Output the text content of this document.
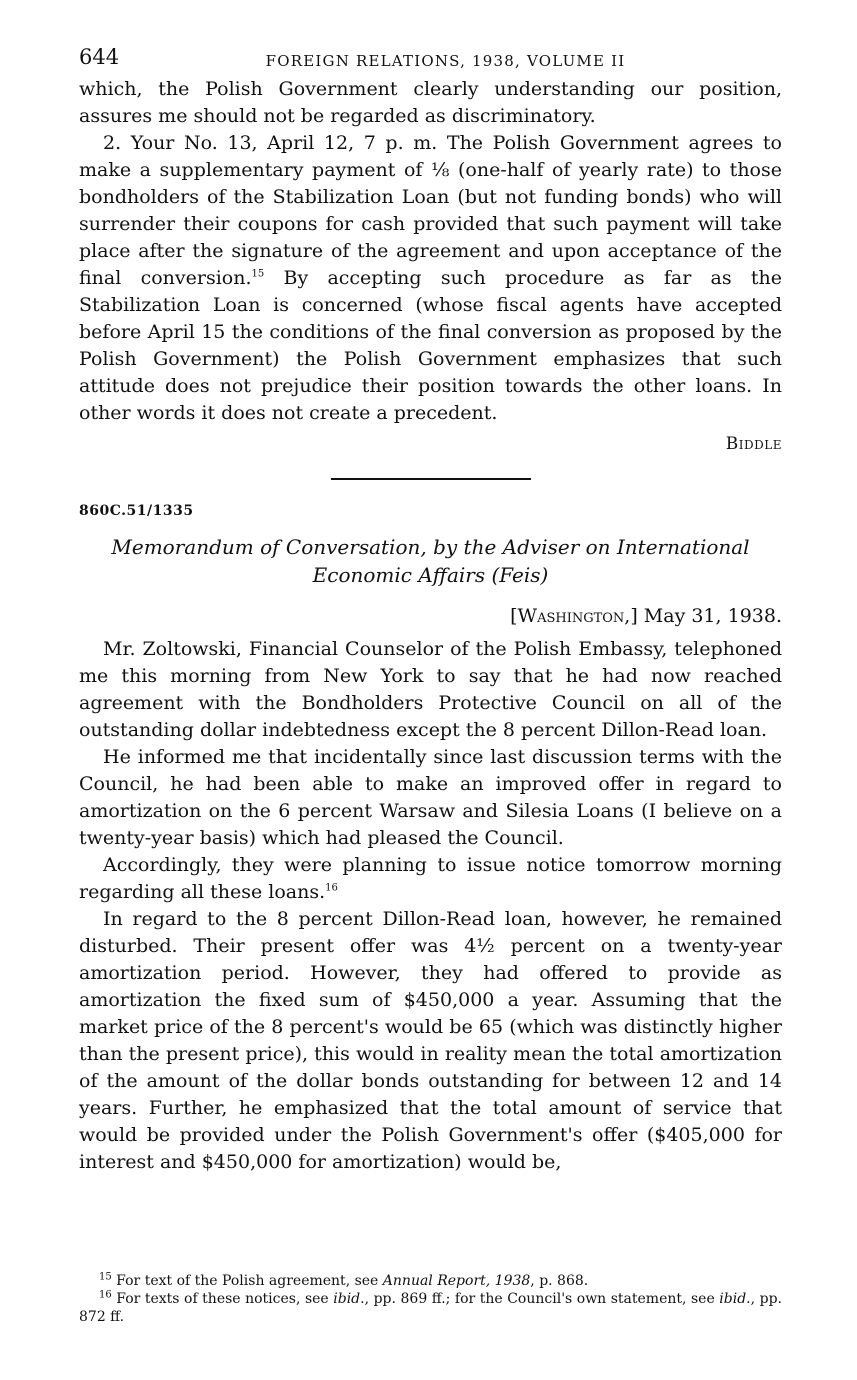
644	FOREIGN RELATIONS, 1938, VOLUME II

which, the Polish Government clearly understanding our position, assures me should not be regarded as discriminatory.

2. Your No. 13, April 12, 7 p. m. The Polish Government agrees to make a supplementary payment of ⅛ (one-half of yearly rate) to those bondholders of the Stabilization Loan (but not funding bonds) who will surrender their coupons for cash provided that such payment will take place after the signature of the agreement and upon acceptance of the final conversion.$^{15}$ By accepting such procedure as far as the Stabilization Loan is concerned (whose fiscal agents have accepted before April 15 the conditions of the final conversion as proposed by the Polish Government) the Polish Government emphasizes that such attitude does not prejudice their position towards the other loans. In other words it does not create a precedent.

Biddle
860C.51/1335
Memorandum of Conversation, by the Adviser on International
Economic Affairs (Feis)
[Washington,] May 31, 1938.

Mr. Zoltowski, Financial Counselor of the Polish Embassy, telephoned me this morning from New York to say that he had now reached agreement with the Bondholders Protective Council on all of the outstanding dollar indebtedness except the 8 percent Dillon-Read loan.

He informed me that incidentally since last discussion terms with the Council, he had been able to make an improved offer in regard to amortization on the 6 percent Warsaw and Silesia Loans (I believe on a twenty-year basis) which had pleased the Council.

Accordingly, they were planning to issue notice tomorrow morning regarding all these loans.$^{16}$

In regard to the 8 percent Dillon-Read loan, however, he remained disturbed. Their present offer was 4½ percent on a twenty-year amortization period. However, they had offered to provide as amortization the fixed sum of $450,000 a year. Assuming that the market price of the 8 percent's would be 65 (which was distinctly higher than the present price), this would in reality mean the total amortization of the amount of the dollar bonds outstanding for between 12 and 14 years. Further, he emphasized that the total amount of service that would be provided under the Polish Government's offer ($405,000 for interest and $450,000 for amortization) would be,

$^{15}$ For text of the Polish agreement, see Annual Report, 1938, p. 868.

$^{16}$ For texts of these notices, see ibid., pp. 869 ff.; for the Council's own statement, see ibid., pp. 872 ff.
